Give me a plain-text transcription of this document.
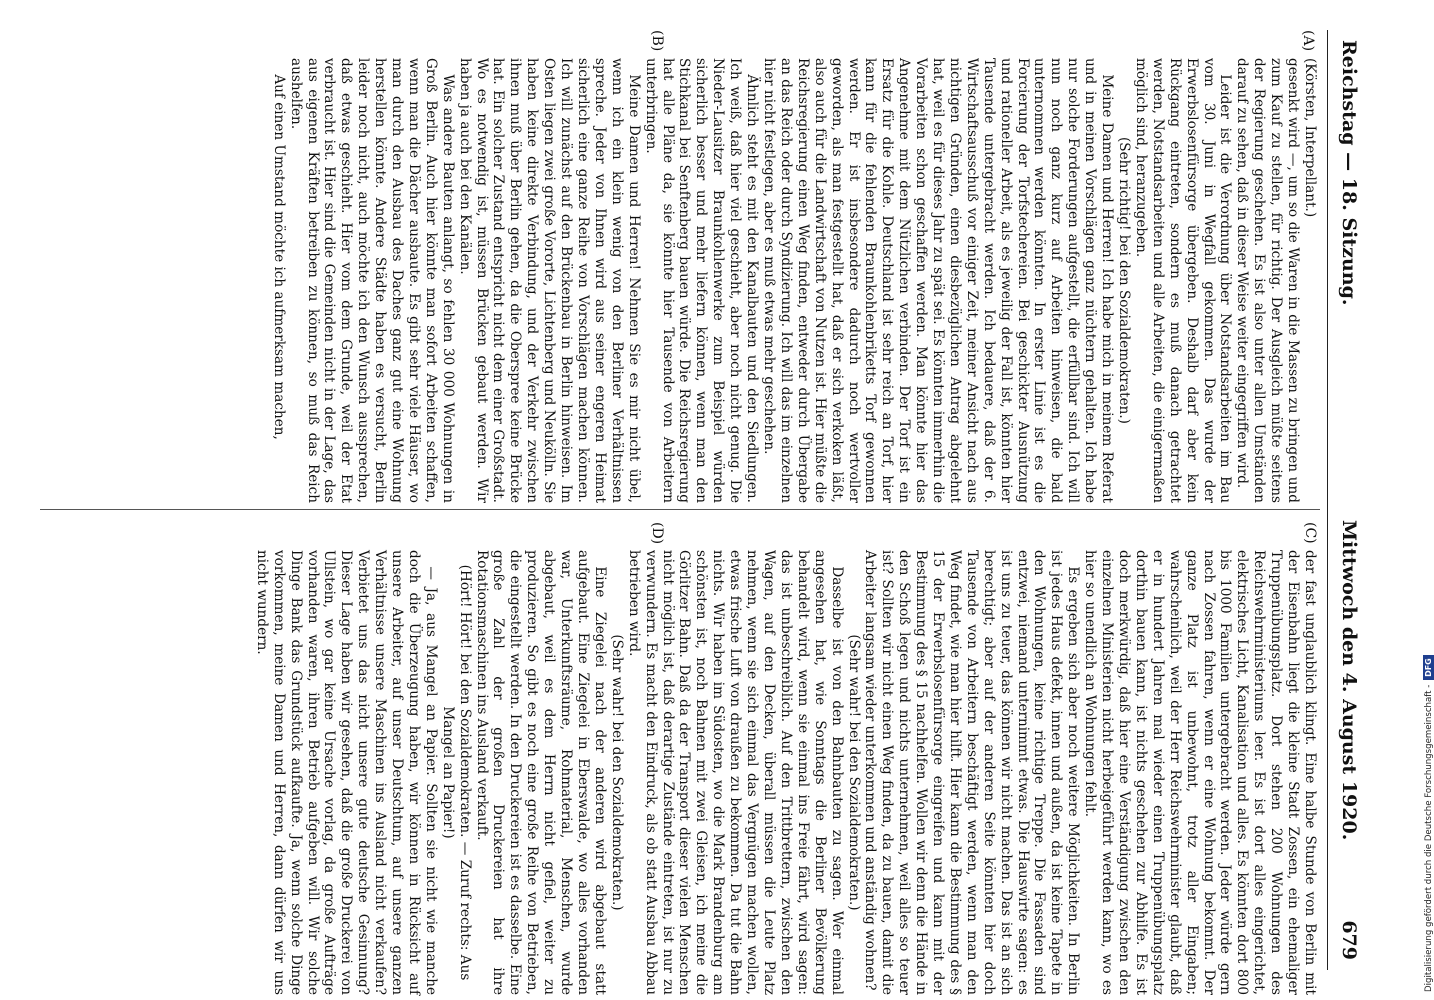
Reichstag — 18. Sitzung.
Mittwoch den 4. August 1920.
679
(A)
(B)
(C)
(D)

(Körsten, Interpellant.)

gesenkt wird —, um so die Waren in die Massen zu bringen und zum Kauf zu stellen, für richtig. Der Ausgleich müßte seitens der Regierung geschehen. Es ist also unter allen Umständen darauf zu sehen, daß in dieser Weise weiter eingegriffen wird.

Leider ist die Verordnung über Notstandsarbeiten im Bau vom 30. Juni in Wegfall gekommen. Das wurde der Erwerbslosenfürsorge übergeben. Deshalb darf aber kein Rückgang eintreten, sondern es muß danach getrachtet werden, Notstandsarbeiten und alle Arbeiten, die einigermaßen möglich sind, heranzugeben.

(Sehr richtig! bei den Sozialdemokraten.)

Meine Damen und Herren! Ich habe mich in meinem Referat und in meinen Vorschlägen ganz nüchtern gehalten. Ich habe nur solche Forderungen aufgestellt, die erfüllbar sind. Ich will nun noch ganz kurz auf Arbeiten hinweisen, die bald unternommen werden könnten. In erster Linie ist es die Forcierung der Torfstechereien. Bei geschickter Ausnützung und rationeller Arbeit, als es jeweilig der Fall ist, könnten hier Tausende untergebracht werden. Ich bedauere, daß der 6. Wirtschaftsausschuß vor einiger Zeit, meiner Ansicht nach aus nichtigen Gründen, einen diesbezüglichen Antrag abgelehnt hat, weil es für dieses Jahr zu spät sei. Es könnten immerhin die Vorarbeiten schon geschaffen werden. Man könnte hier das Angenehme mit dem Nützlichen verbinden. Der Torf ist ein Ersatz für die Kohle. Deutschland ist sehr reich an Torf, hier kann für die fehlenden Braunkohlenbriketts Torf gewonnen werden. Er ist insbesondere dadurch noch wertvoller geworden, als man festgestellt hat, daß er sich verkoken läßt, also auch für die Landwirtschaft von Nutzen ist. Hier müßte die Reichsregierung einen Weg finden, entweder durch Übergabe an das Reich oder durch Syndizierung. Ich will das im einzelnen hier nicht festlegen, aber es muß etwas mehr geschehen.

Ähnlich steht es mit den Kanalbauten und den Siedlungen. Ich weiß, daß hier viel geschieht, aber noch nicht genug. Die Nieder-Lausitzer Braunkohlenwerke zum Beispiel würden sicherlich besser und mehr liefern können, wenn man den Stichkanal bei Senftenberg bauen würde. Die Reichsregierung hat alle Pläne da, sie könnte hier Tausende von Arbeitern unterbringen.

Meine Damen und Herren! Nehmen Sie es mir nicht übel, wenn ich ein klein wenig von den Berliner Verhältnissen spreche. Jeder von Ihnen wird aus seiner engeren Heimat sicherlich eine ganze Reihe von Vorschlägen machen können. Ich will zunächst auf den Brückenbau in Berlin hinweisen. Im Osten liegen zwei große Vororte, Lichtenberg und Neukölln. Sie haben keine direkte Verbindung, und der Verkehr zwischen ihnen muß über Berlin gehen, da die Oberspree keine Brücke hat. Ein solcher Zustand entspricht nicht dem einer Großstadt. Wo es notwendig ist, müssen Brücken gebaut werden. Wir haben ja auch bei den Kanälen.

Was andere Bauten anlangt, so fehlen 30 000 Wohnungen in Groß Berlin. Auch hier könnte man sofort Arbeiten schaffen, wenn man die Dächer ausbaute. Es gibt sehr viele Häuser, wo man durch den Ausbau des Daches ganz gut eine Wohnung herstellen könnte. Andere Städte haben es versucht, Berlin leider noch nicht, auch möchte ich den Wunsch aussprechen, daß etwas geschieht. Hier vom dem Grunde, weil der Etat verbraucht ist. Hier sind die Gemeinden nicht in der Lage, das aus eigenen Kräften betreiben zu können, so muß das Reich aushelfen.

Auf einen Umstand möchte ich aufmerksam machen,

der fast unglaublich klingt. Eine halbe Stunde von Berlin mit der Eisenbahn liegt die kleine Stadt Zossen, ein ehemaliger Truppenübungsplatz. Dort stehen 200 Wohnungen des Reichswehrministeriums leer. Es ist dort alles eingerichtet, elektrisches Licht, Kanalisation und alles. Es könnten dort 800 bis 1000 Familien untergebracht werden. Jeder würde gern nach Zossen fahren, wenn er eine Wohnung bekommt. Der ganze Platz ist unbewohnt, trotz aller Eingaben; wahrscheinlich, weil der Herr Reichswehrminister glaubt, daß er in hundert Jahren mal wieder einen Truppenübungsplatz dorthin bauen kann, ist nichts geschehen zur Abhilfe. Es ist doch merkwürdig, daß hier eine Verständigung zwischen den einzelnen Ministerien nicht herbeigeführt werden kann, wo es hier so unendlich an Wohnungen fehlt.

Es ergeben sich aber noch weitere Möglichkeiten. In Berlin ist jedes Haus defekt, innen und außen, da ist keine Tapete in den Wohnungen, keine richtige Treppe. Die Fassaden sind entzwei, niemand unternimmt etwas. Die Hauswirte sagen: es ist uns zu teuer, das können wir nicht machen. Das ist an sich berechtigt; aber auf der anderen Seite könnten hier doch Tausende von Arbeitern beschäftigt werden, wenn man den Weg findet, wie man hier hilft. Hier kann die Bestimmung des § 15 der Erwerbslosenfürsorge eingreifen und kann mit der Bestimmung des § 15 nachhelfen. Wollen wir denn die Hände in den Schoß legen und nichts unternehmen, weil alles so teuer ist? Sollten wir nicht einen Weg finden, da zu bauen, damit die Arbeiter langsam wieder unterkommen und anständig wohnen?

(Sehr wahr! bei den Sozialdemokraten.)

Dasselbe ist von den Bahnbauten zu sagen. Wer einmal angesehen hat, wie Sonntags die Berliner Bevölkerung behandelt wird, wenn sie einmal ins Freie fährt, wird sagen: das ist unbeschreiblich. Auf den Trittbrettern, zwischen den Wagen, auf den Decken, überall müssen die Leute Platz nehmen, wenn sie sich einmal das Vergnügen machen wollen, etwas frische Luft von draußen zu bekommen. Da tut die Bahn nichts. Wir haben im Südosten, wo die Mark Brandenburg am schönsten ist, noch Bahnen mit zwei Gleisen, ich meine die Görlitzer Bahn. Daß da der Transport dieser vielen Menschen nicht möglich ist, daß derartige Zustände eintreten, ist nur zu verwundern. Es macht den Eindruck, als ob statt Ausbau Abbau betrieben wird.

(Sehr wahr! bei den Sozialdemokraten.)

Eine Ziegelei nach der anderen wird abgebaut statt aufgebaut. Eine Ziegelei in Eberswalde, wo alles vorhanden war, Unterkunftsräume, Rohmaterial, Menschen, wurde abgebaut, weil es dem Herrn nicht gefiel, weiter zu produzieren. So gibt es noch eine große Reihe von Betrieben, die eingestellt werden. In den Druckereien ist es dasselbe. Eine große Zahl der großen Druckereien hat ihre Rotationsmaschinen ins Ausland verkauft.

(Hört! Hört! bei den Sozialdemokraten. — Zuruf rechts: Aus Mangel an Papier!)

— Ja, aus Mangel an Papier. Sollten sie nicht wie manche doch die Überzeugung haben, wir können in Rücksicht auf unsere Arbeiter, auf unser Deutschtum, auf unsere ganzen Verhältnisse unsere Maschinen ins Ausland nicht verkaufen? Verbietet uns das nicht unsere gute deutsche Gesinnung? Dieser Lage haben wir gesehen, daß die große Druckerei von Ullstein, wo gar keine Ursache vorlag, da große Aufträge vorhanden waren, ihren Betrieb aufgeben will. Wir solche Dinge Bank das Grundstück aufkaufte. Ja, wenn solche Dinge vorkommen, meine Damen und Herren, dann dürfen wir uns nicht wundern.

Digitalisierung gefördert durch die Deutsche Forschungsgemeinschaft - DFG
